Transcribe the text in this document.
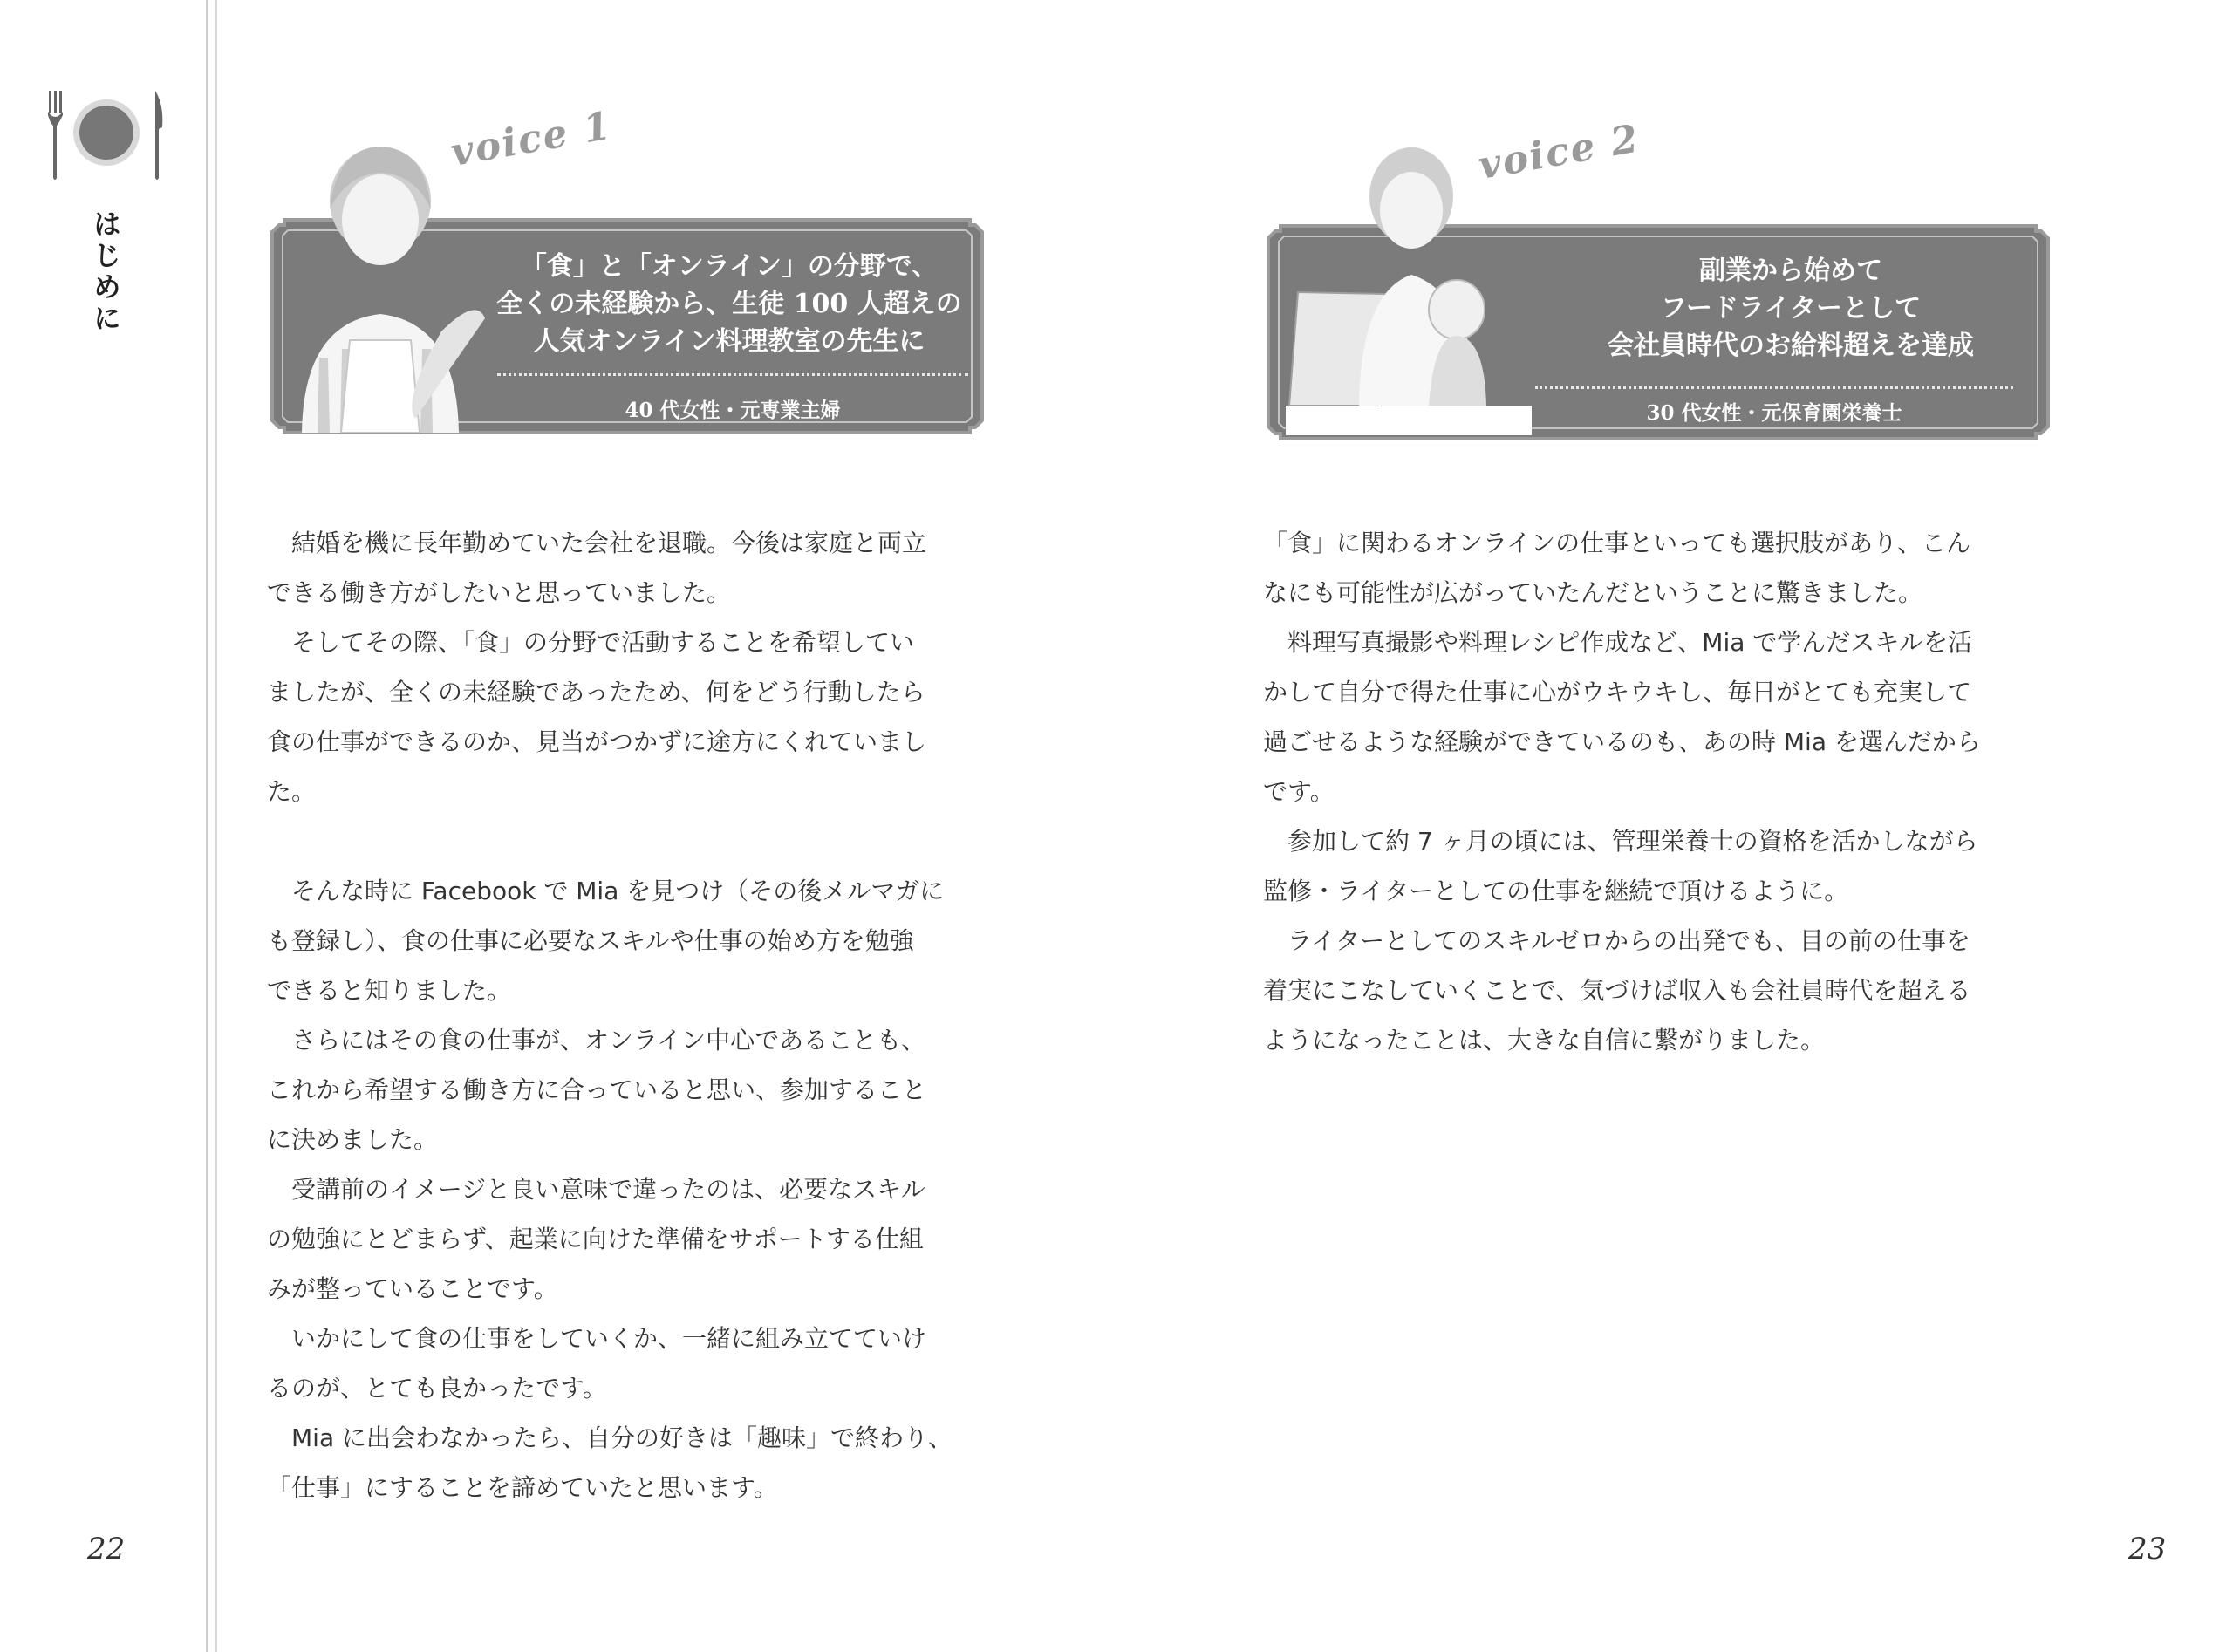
はじめに
22	23
voice 1
「食」と「オンライン」の分野で、
全くの未経験から、生徒 100 人超えの
人気オンライン料理教室の先生に
40 代女性・元専業主婦
voice 2
副業から始めて
フードライターとして
会社員時代のお給料超えを達成
30 代女性・元保育園栄養士

　結婚を機に長年勤めていた会社を退職。今後は家庭と両立

できる働き方がしたいと思っていました。

　そしてその際、「食」の分野で活動することを希望してい

ましたが、全くの未経験であったため、何をどう行動したら

食の仕事ができるのか、見当がつかずに途方にくれていまし

た。

　そんな時に Facebook で Mia を見つけ（その後メルマガに

も登録し）、食の仕事に必要なスキルや仕事の始め方を勉強

できると知りました。

　さらにはその食の仕事が、オンライン中心であることも、

これから希望する働き方に合っていると思い、参加すること

に決めました。

　受講前のイメージと良い意味で違ったのは、必要なスキル

の勉強にとどまらず、起業に向けた準備をサポートする仕組

みが整っていることです。

　いかにして食の仕事をしていくか、一緒に組み立てていけ

るのが、とても良かったです。

　Mia に出会わなかったら、自分の好きは「趣味」で終わり、

「仕事」にすることを諦めていたと思います。

「食」に関わるオンラインの仕事といっても選択肢があり、こん

なにも可能性が広がっていたんだということに驚きました。

　料理写真撮影や料理レシピ作成など、Mia で学んだスキルを活

かして自分で得た仕事に心がウキウキし、毎日がとても充実して

過ごせるような経験ができているのも、あの時 Mia を選んだから

です。

　参加して約 7 ヶ月の頃には、管理栄養士の資格を活かしながら

監修・ライターとしての仕事を継続で頂けるように。

　ライターとしてのスキルゼロからの出発でも、目の前の仕事を

着実にこなしていくことで、気づけば収入も会社員時代を超える

ようになったことは、大きな自信に繋がりました。
